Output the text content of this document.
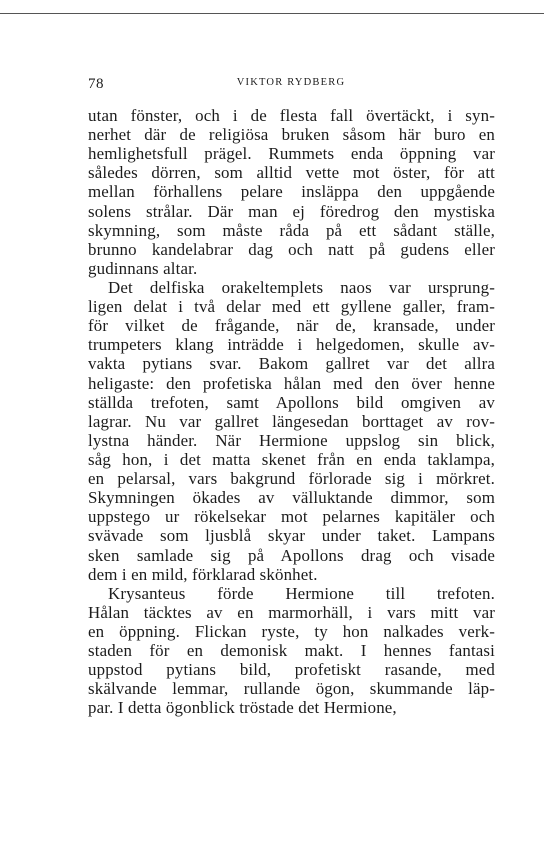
78	VIKTOR RYDBERG
utan fönster, och i de flesta fall övertäckt, i syn-
nerhet där de religiösa bruken såsom här buro en
hemlighetsfull prägel. Rummets enda öppning var
således dörren, som alltid vette mot öster, för att
mellan förhallens pelare insläppa den uppgående
solens strålar. Där man ej föredrog den mystiska
skymning, som måste råda på ett sådant ställe,
brunno kandelabrar dag och natt på gudens eller
gudinnans altar.
Det delfiska orakeltemplets naos var ursprung-
ligen delat i två delar med ett gyllene galler, fram-
för vilket de frågande, när de, kransade, under
trumpeters klang inträdde i helgedomen, skulle av-
vakta pytians svar. Bakom gallret var det allra
heligaste: den profetiska hålan med den över henne
ställda trefoten, samt Apollons bild omgiven av
lagrar. Nu var gallret längesedan borttaget av rov-
lystna händer. När Hermione uppslog sin blick,
såg hon, i det matta skenet från en enda taklampa,
en pelarsal, vars bakgrund förlorade sig i mörkret.
Skymningen ökades av välluktande dimmor, som
uppstego ur rökelsekar mot pelarnes kapitäler och
svävade som ljusblå skyar under taket. Lampans
sken samlade sig på Apollons drag och visade
dem i en mild, förklarad skönhet.
Krysanteus förde Hermione till trefoten.
Hålan täcktes av en marmorhäll, i vars mitt var
en öppning. Flickan ryste, ty hon nalkades verk-
staden för en demonisk makt. I hennes fantasi
uppstod pytians bild, profetiskt rasande, med
skälvande lemmar, rullande ögon, skummande läp-
par. I detta ögonblick tröstade det Hermione,
